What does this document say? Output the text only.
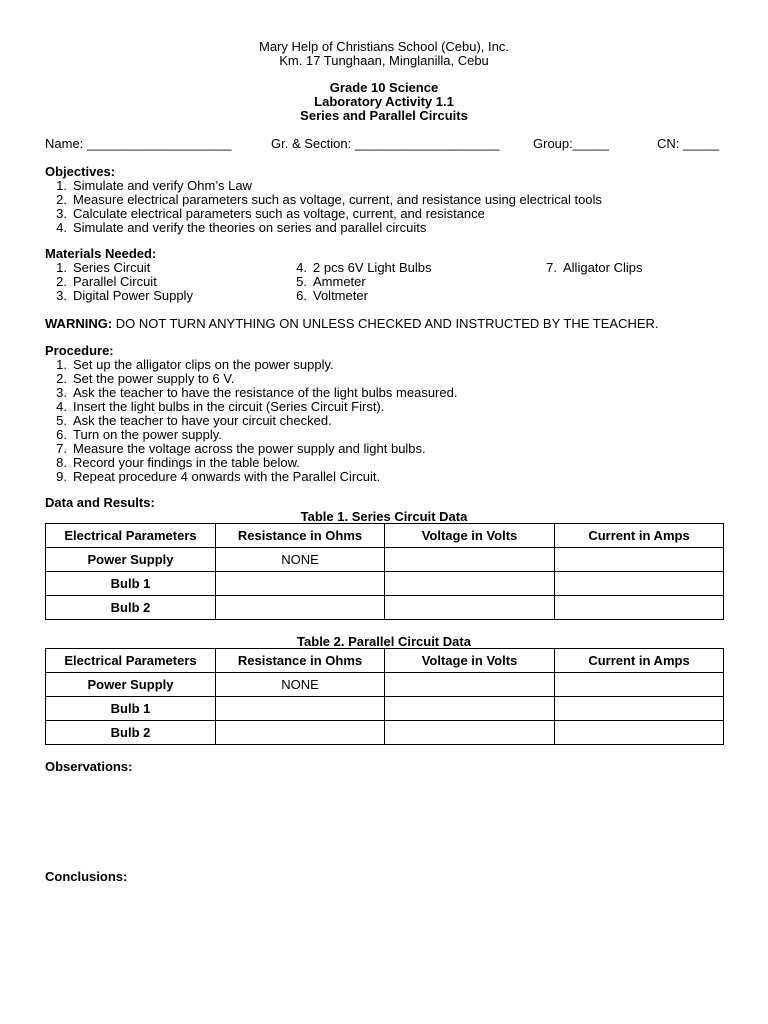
Mary Help of Christians School (Cebu), Inc.
Km. 17 Tunghaan, Minglanilla, Cebu
Grade 10 Science
Laboratory Activity 1.1
Series and Parallel Circuits
Name: ____________________	Gr. & Section: ____________________	Group:_____	CN: _____
Objectives:
1. Simulate and verify Ohm’s Law
2. Measure electrical parameters such as voltage, current, and resistance using electrical tools
3. Calculate electrical parameters such as voltage, current, and resistance
4. Simulate and verify the theories on series and parallel circuits
Materials Needed:
1. Series Circuit
2. Parallel Circuit
3. Digital Power Supply
4. 2 pcs 6V Light Bulbs
5. Ammeter
6. Voltmeter
7. Alligator Clips
WARNING: DO NOT TURN ANYTHING ON UNLESS CHECKED AND INSTRUCTED BY THE TEACHER.
Procedure:
1. Set up the alligator clips on the power supply.
2. Set the power supply to 6 V.
3. Ask the teacher to have the resistance of the light bulbs measured.
4. Insert the light bulbs in the circuit (Series Circuit First).
5. Ask the teacher to have your circuit checked.
6. Turn on the power supply.
7. Measure the voltage across the power supply and light bulbs.
8. Record your findings in the table below.
9. Repeat procedure 4 onwards with the Parallel Circuit.
Data and Results:
Table 1. Series Circuit Data
Electrical Parameters	Resistance in Ohms	Voltage in Volts	Current in Amps
Power Supply	NONE		
Bulb 1			
Bulb 2			
Table 2. Parallel Circuit Data
Electrical Parameters	Resistance in Ohms	Voltage in Volts	Current in Amps
Power Supply	NONE		
Bulb 1			
Bulb 2			
Observations:
Conclusions:
